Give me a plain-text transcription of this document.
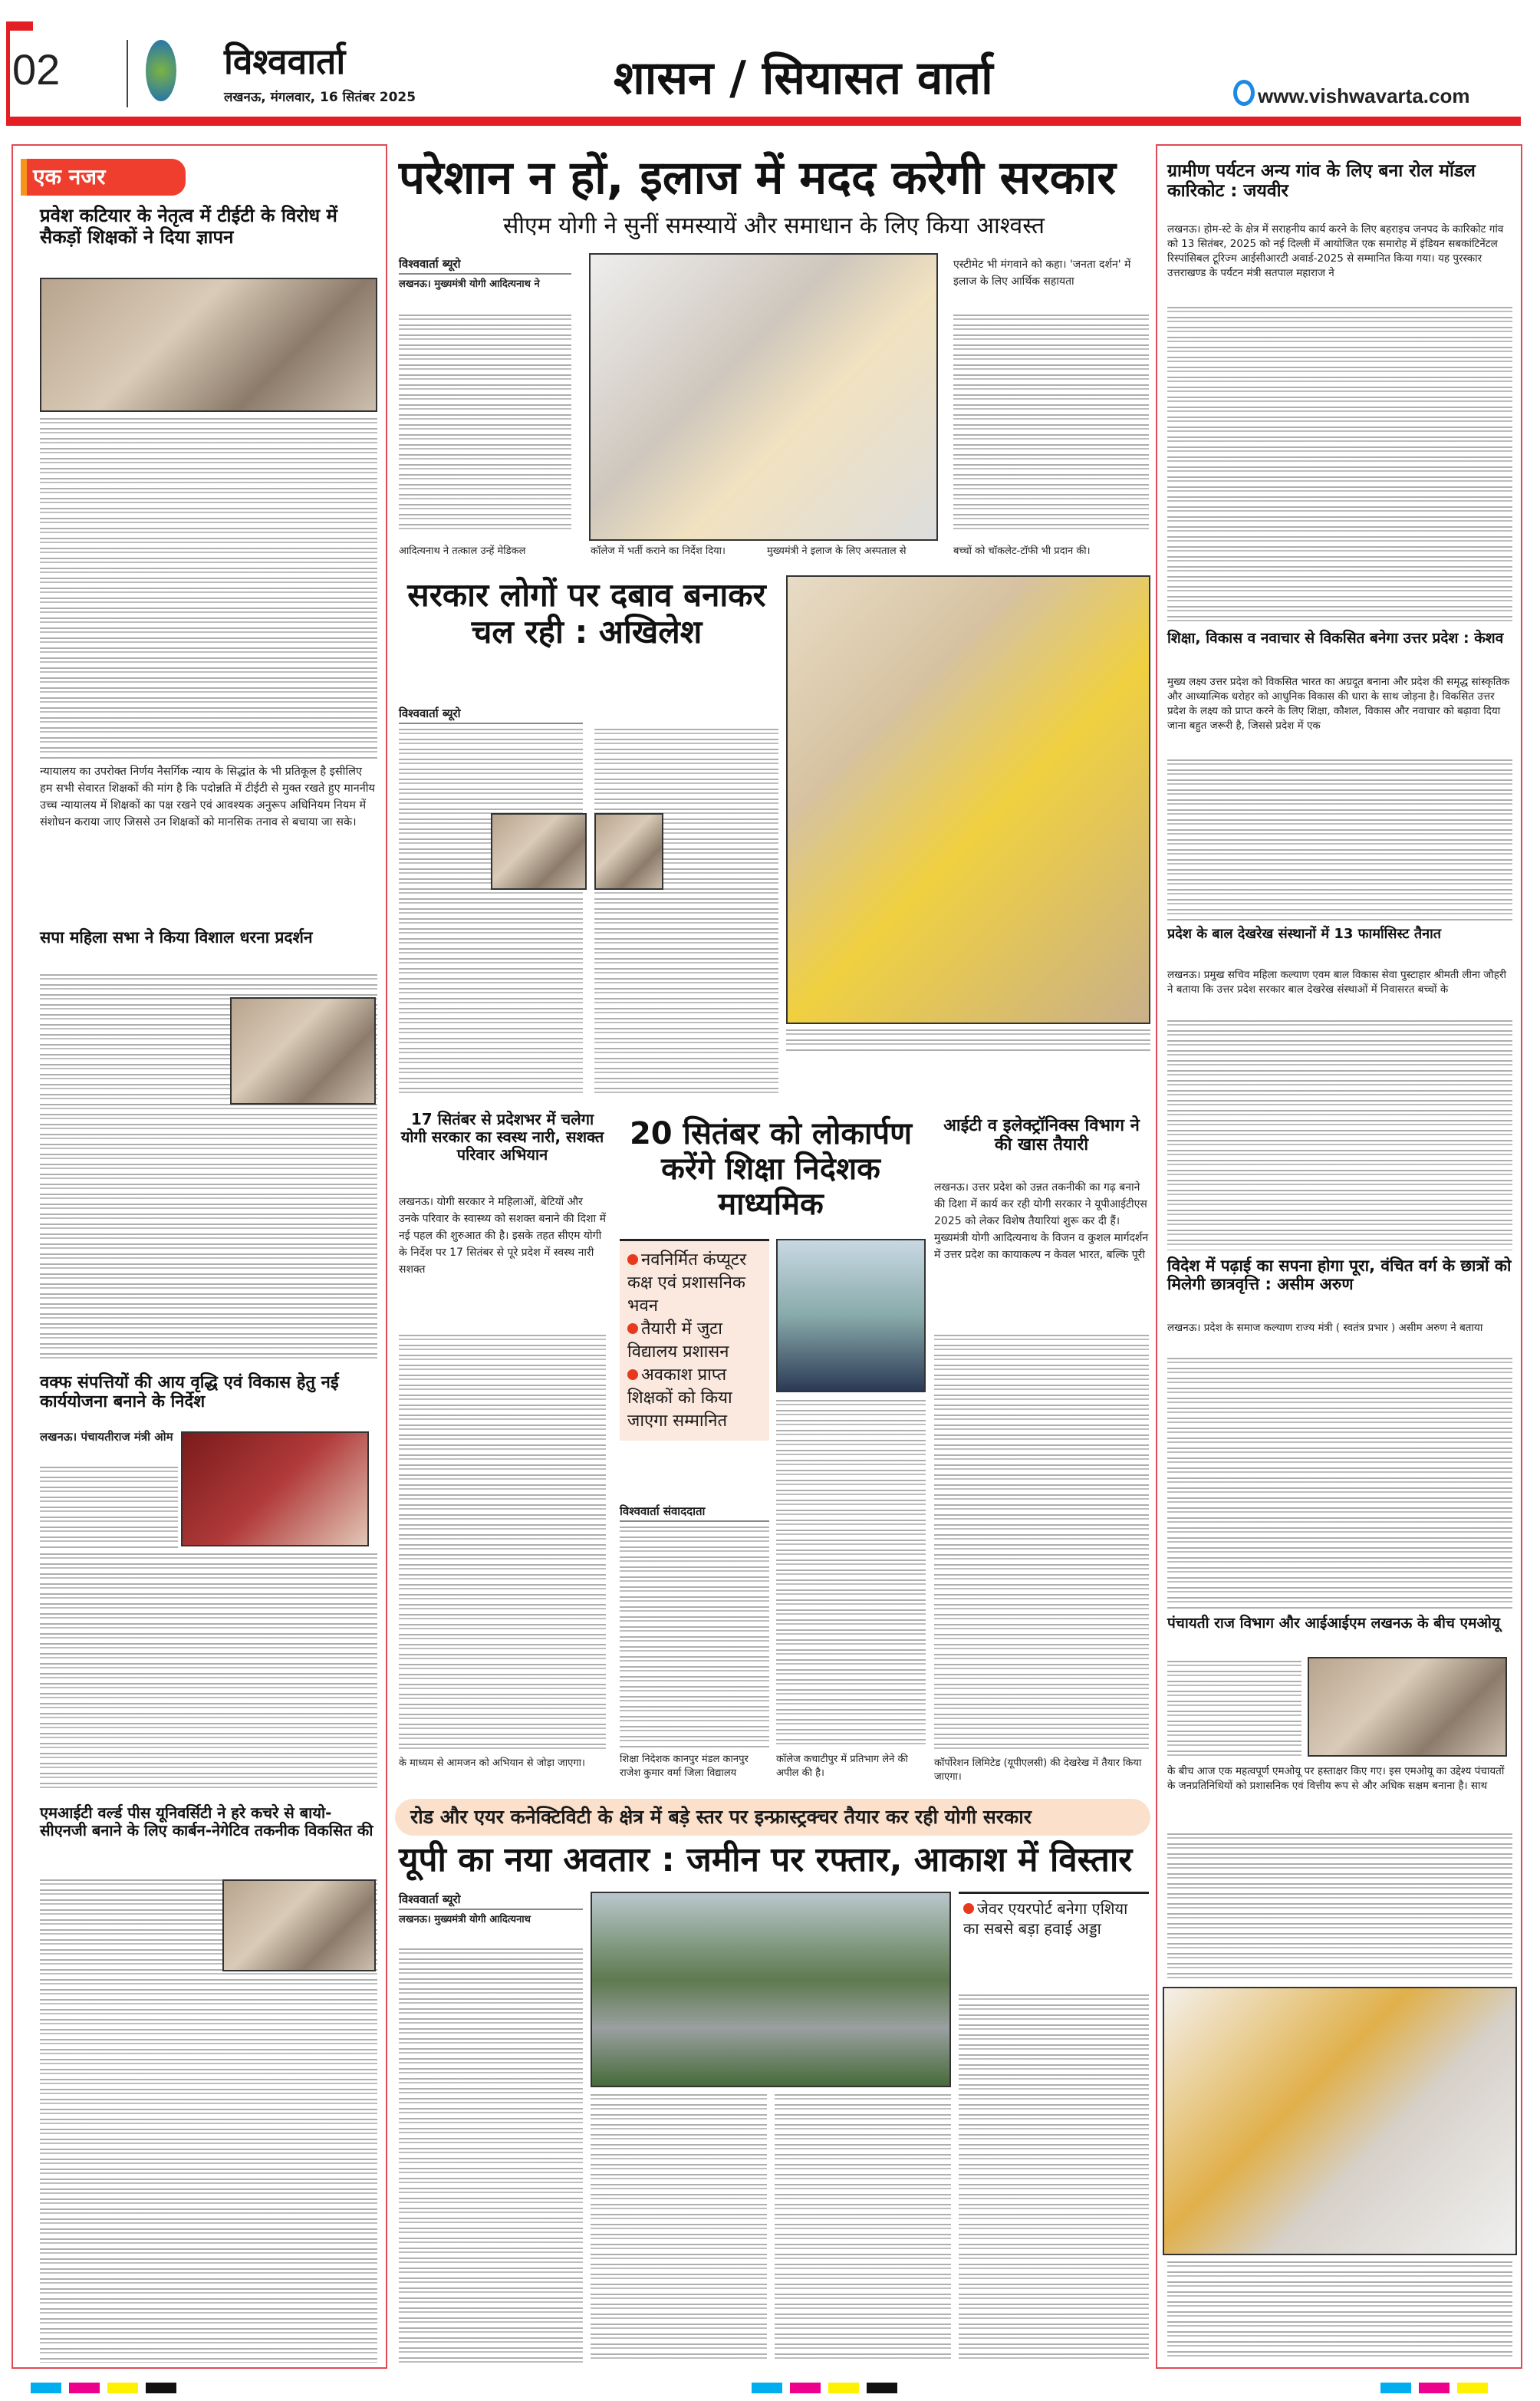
02	विश्ववार्ता
लखनऊ, मंगलवार, 16 सितंबर 2025	शासन / सियासत वार्ता	www.vishwavarta.com
एक नजर
प्रवेश कटियार के नेतृत्व में टीईटी के विरोध में सैकड़ों शिक्षकों ने दिया ज्ञापन
न्यायालय का उपरोक्त निर्णय नैसर्गिक न्याय के सिद्धांत के भी प्रतिकूल है इसीलिए हम सभी सेवारत शिक्षकों की मांग है कि पदोन्नति में टीईटी से मुक्त रखते हुए माननीय उच्च न्यायालय में शिक्षकों का पक्ष रखने एवं आवश्यक अनुरूप अधिनियम नियम में संशोधन कराया जाए जिससे उन शिक्षकों को मानसिक तनाव से बचाया जा सके।
सपा महिला सभा ने किया विशाल धरना प्रदर्शन
वक्फ संपत्तियों की आय वृद्धि एवं विकास हेतु नई कार्ययोजना बनाने के निर्देश
लखनऊ। पंचायतीराज मंत्री ओम
एमआईटी वर्ल्ड पीस यूनिवर्सिटी ने हरे कचरे से बायो-सीएनजी बनाने के लिए कार्बन-नेगेटिव तकनीक विकसित की
परेशान न हों, इलाज में मदद करेगी सरकार
सीएम योगी ने सुनीं समस्यायें और समाधान के लिए किया आश्वस्त
विश्ववार्ता ब्यूरो
लखनऊ। मुख्यमंत्री योगी आदित्यनाथ ने
एस्टीमेट भी मंगवाने को कहा। 'जनता दर्शन' में इलाज के लिए आर्थिक सहायता
आदित्यनाथ ने तत्काल उन्हें मेडिकल	कॉलेज में भर्ती कराने का निर्देश दिया।	मुख्यमंत्री ने इलाज के लिए अस्पताल से	बच्चों को चॉकलेट-टॉफी भी प्रदान की।
सरकार लोगों पर दबाव बनाकर चल रही : अखिलेश
विश्ववार्ता ब्यूरो
17 सितंबर से प्रदेशभर में चलेगा योगी सरकार का स्वस्थ नारी, सशक्त परिवार अभियान
लखनऊ। योगी सरकार ने महिलाओं, बेटियों और उनके परिवार के स्वास्थ्य को सशक्त बनाने की दिशा में नई पहल की शुरुआत की है। इसके तहत सीएम योगी के निर्देश पर 17 सितंबर से पूरे प्रदेश में स्वस्थ नारी सशक्त
के माध्यम से आमजन को अभियान से जोड़ा जाएगा।
20 सितंबर को लोकार्पण करेंगे शिक्षा निदेशक माध्यमिक
नवनिर्मित कंप्यूटर कक्ष एवं प्रशासनिक भवन
तैयारी में जुटा विद्यालय प्रशासन
अवकाश प्राप्त शिक्षकों को किया जाएगा सम्मानित
विश्ववार्ता संवाददाता
शिक्षा निदेशक कानपुर मंडल कानपुर राजेश कुमार वर्मा जिला विद्यालय
कॉलेज कचाटीपुर में प्रतिभाग लेने की अपील की है।
आईटी व इलेक्ट्रॉनिक्स विभाग ने की खास तैयारी
लखनऊ। उत्तर प्रदेश को उन्नत तकनीकी का गढ़ बनाने की दिशा में कार्य कर रही योगी सरकार ने यूपीआईटीएस 2025 को लेकर विशेष तैयारियां शुरू कर दी हैं। मुख्यमंत्री योगी आदित्यनाथ के विजन व कुशल मार्गदर्शन में उत्तर प्रदेश का कायाकल्प न केवल भारत, बल्कि पूरी
कॉर्पोरेशन लिमिटेड (यूपीएलसी) की देखरेख में तैयार किया जाएगा।
रोड और एयर कनेक्टिविटी के क्षेत्र में बड़े स्तर पर इन्फ्रास्ट्रक्चर तैयार कर रही योगी सरकार
यूपी का नया अवतार : जमीन पर रफ्तार, आकाश में विस्तार
विश्ववार्ता ब्यूरो
लखनऊ। मुख्यमंत्री योगी आदित्यनाथ
जेवर एयरपोर्ट बनेगा एशिया का सबसे बड़ा हवाई अड्डा
ग्रामीण पर्यटन अन्य गांव के लिए बना रोल मॉडल कारिकोट : जयवीर
लखनऊ। होम-स्टे के क्षेत्र में सराहनीय कार्य करने के लिए बहराइच जनपद के कारिकोट गांव को 13 सितंबर, 2025 को नई दिल्ली में आयोजित एक समारोह में इंडियन सबकांटिनेंटल रिस्पांसिबल टूरिज्म आईसीआरटी अवार्ड-2025 से सम्मानित किया गया। यह पुरस्कार उत्तराखण्ड के पर्यटन मंत्री सतपाल महाराज ने
शिक्षा, विकास व नवाचार से विकसित बनेगा उत्तर प्रदेश : केशव
मुख्य लक्ष्य उत्तर प्रदेश को विकसित भारत का अग्रदूत बनाना और प्रदेश की समृद्ध सांस्कृतिक और आध्यात्मिक धरोहर को आधुनिक विकास की धारा के साथ जोड़ना है। विकसित उत्तर प्रदेश के लक्ष्य को प्राप्त करने के लिए शिक्षा, कौशल, विकास और नवाचार को बढ़ावा दिया जाना बहुत जरूरी है, जिससे प्रदेश में एक
प्रदेश के बाल देखरेख संस्थानों में 13 फार्मासिस्ट तैनात
लखनऊ। प्रमुख सचिव महिला कल्याण एवम बाल विकास सेवा पुस्टाहार श्रीमती लीना जौहरी ने बताया कि उत्तर प्रदेश सरकार बाल देखरेख संस्थाओं में निवासरत बच्चों के
विदेश में पढ़ाई का सपना होगा पूरा, वंचित वर्ग के छात्रों को मिलेगी छात्रवृत्ति : असीम अरुण
लखनऊ। प्रदेश के समाज कल्याण राज्य मंत्री ( स्वतंत्र प्रभार ) असीम अरुण ने बताया
पंचायती राज विभाग और आईआईएम लखनऊ के बीच एमओयू
के बीच आज एक महत्वपूर्ण एमओयू पर हस्ताक्षर किए गए। इस एमओयू का उद्देश्य पंचायतों के जनप्रतिनिधियों को प्रशासनिक एवं वित्तीय रूप से और अधिक सक्षम बनाना है। साथ
